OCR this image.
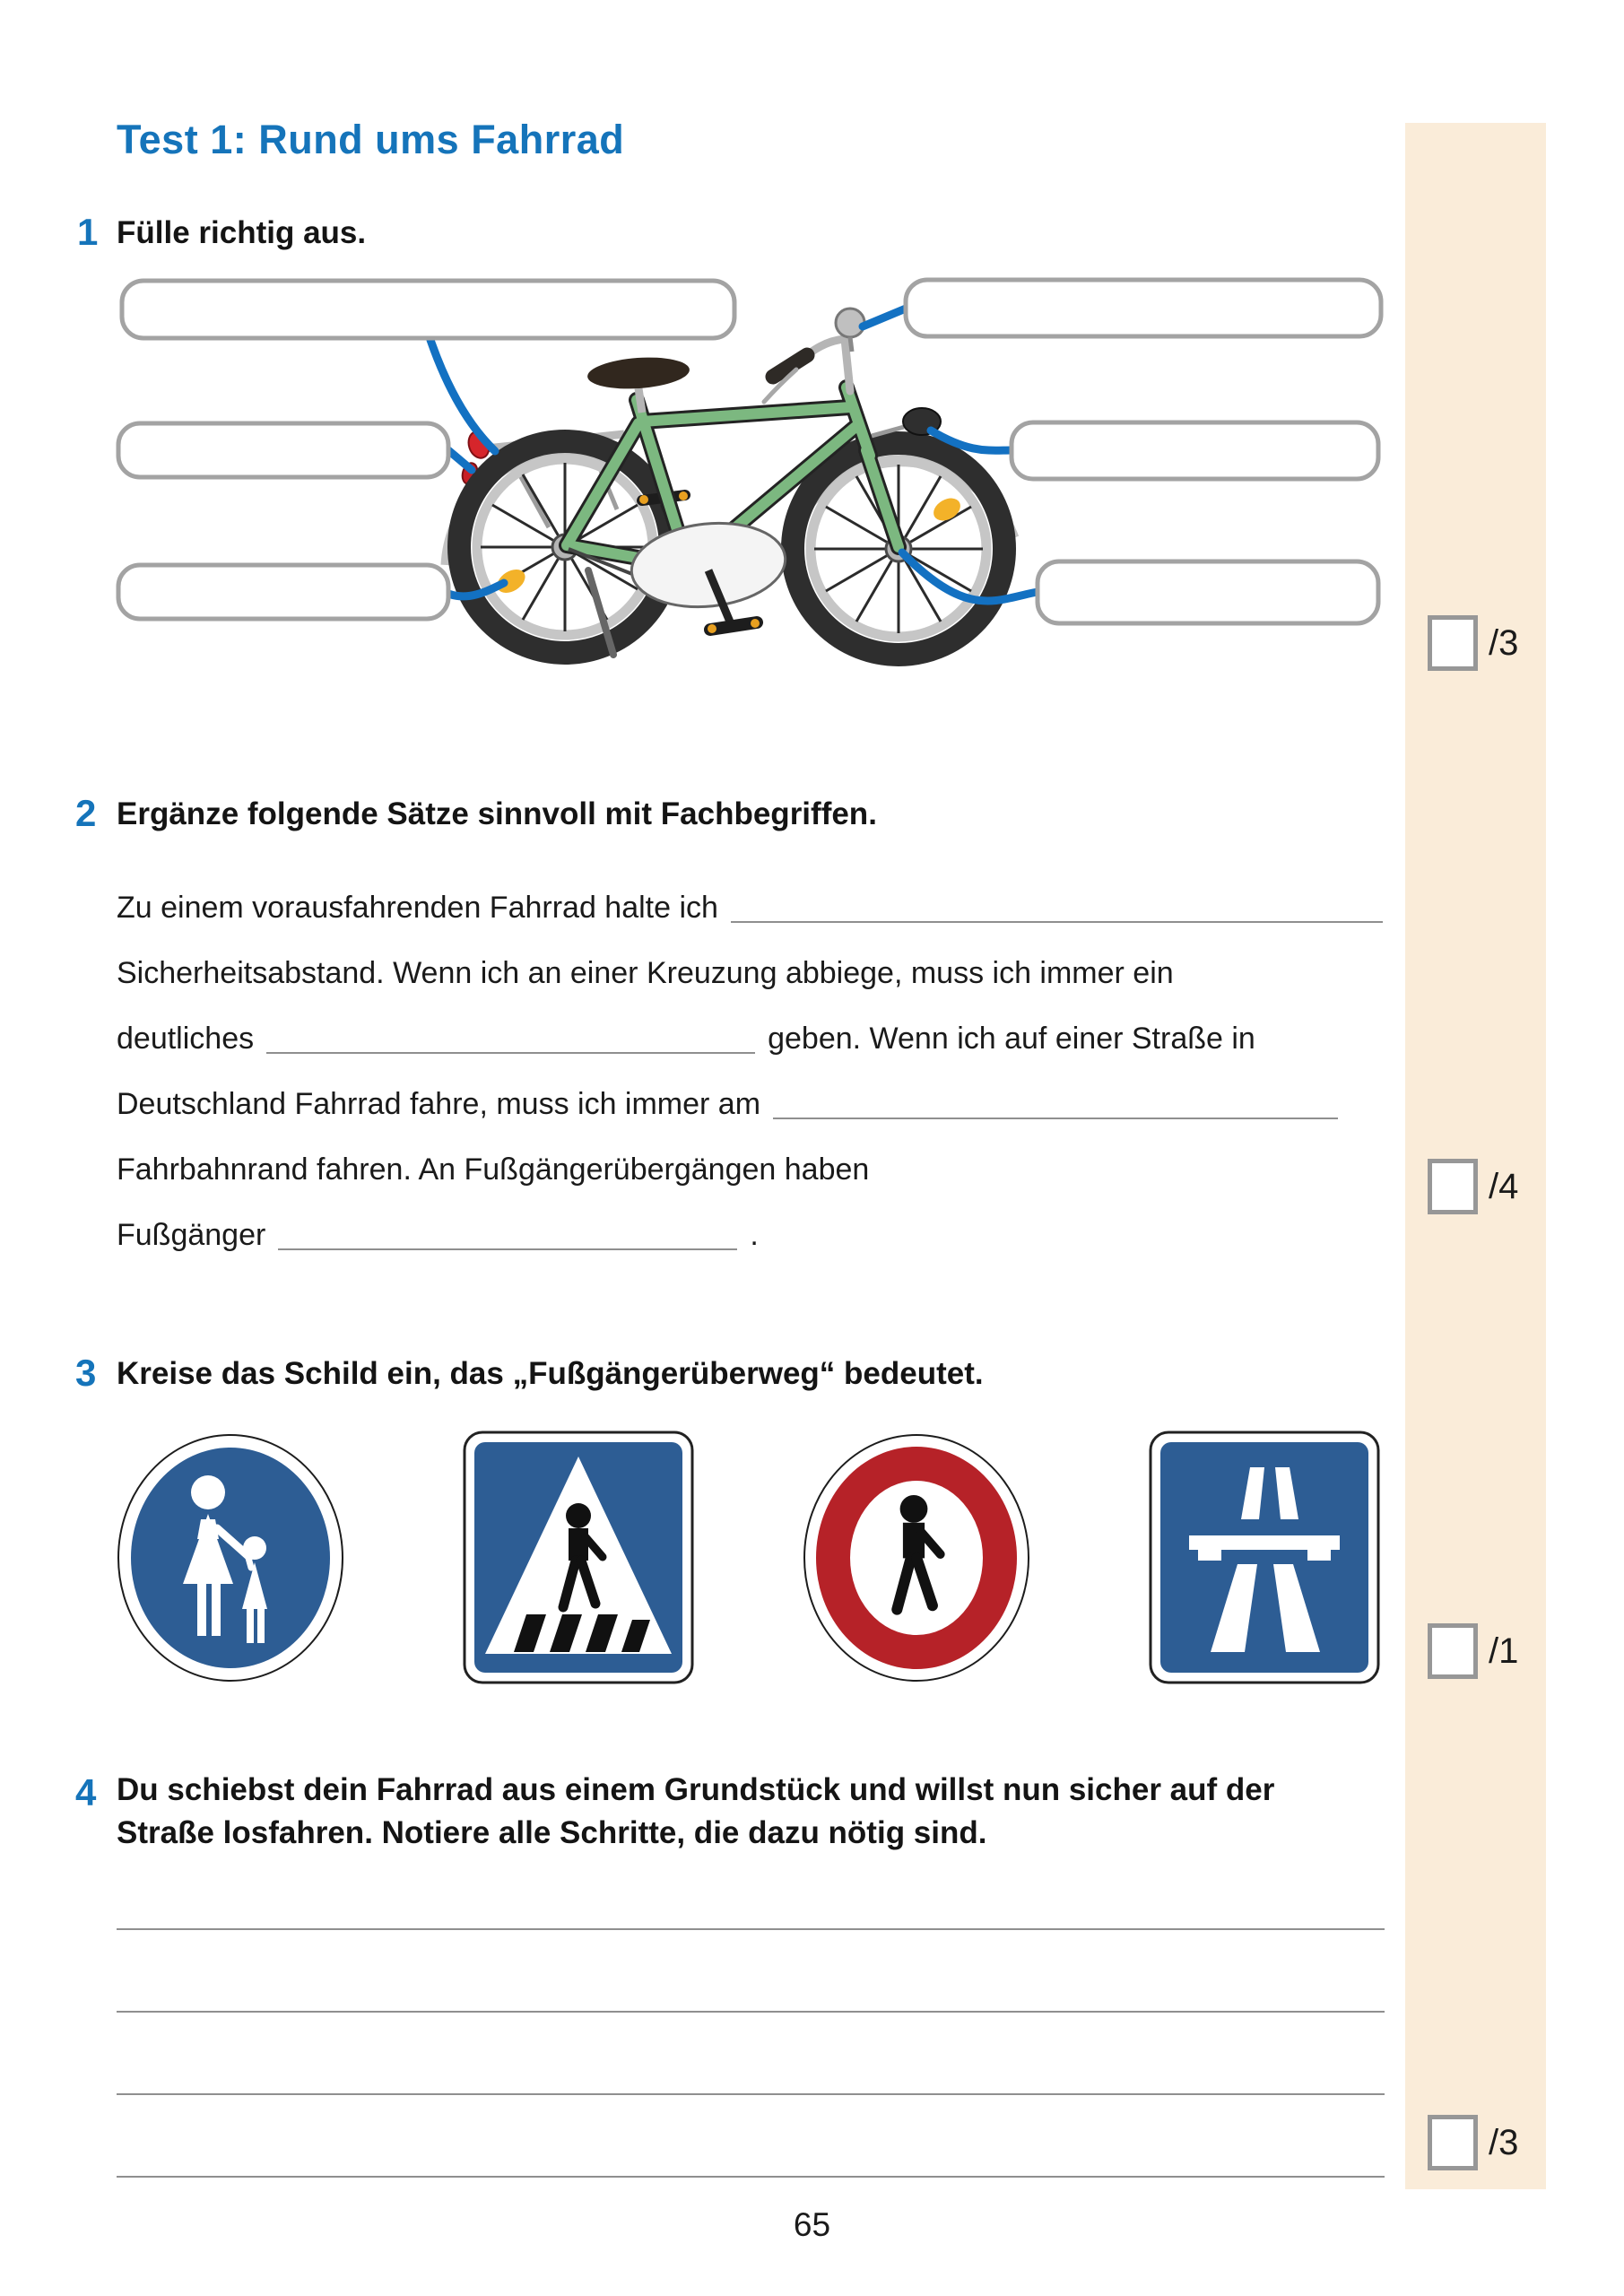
Test 1: Rund ums Fahrrad
1 Fülle richtig aus.
/3
2 Ergänze folgende Sätze sinnvoll mit Fachbegriffen.
Zu einem vorausfahrenden Fahrrad halte ich
Sicherheitsabstand. Wenn ich an einer Kreuzung abbiege, muss ich immer ein
deutliches	geben. Wenn ich auf einer Straße in
Deutschland Fahrrad fahre, muss ich immer am
Fahrbahnrand fahren. An Fußgängerübergängen haben
Fußgänger	.
/4
3 Kreise das Schild ein, das „Fußgängerüberweg“ bedeutet.
/1
4 Du schiebst dein Fahrrad aus einem Grundstück und willst nun sicher auf der
Straße losfahren. Notiere alle Schritte, die dazu nötig sind.
/3
65
